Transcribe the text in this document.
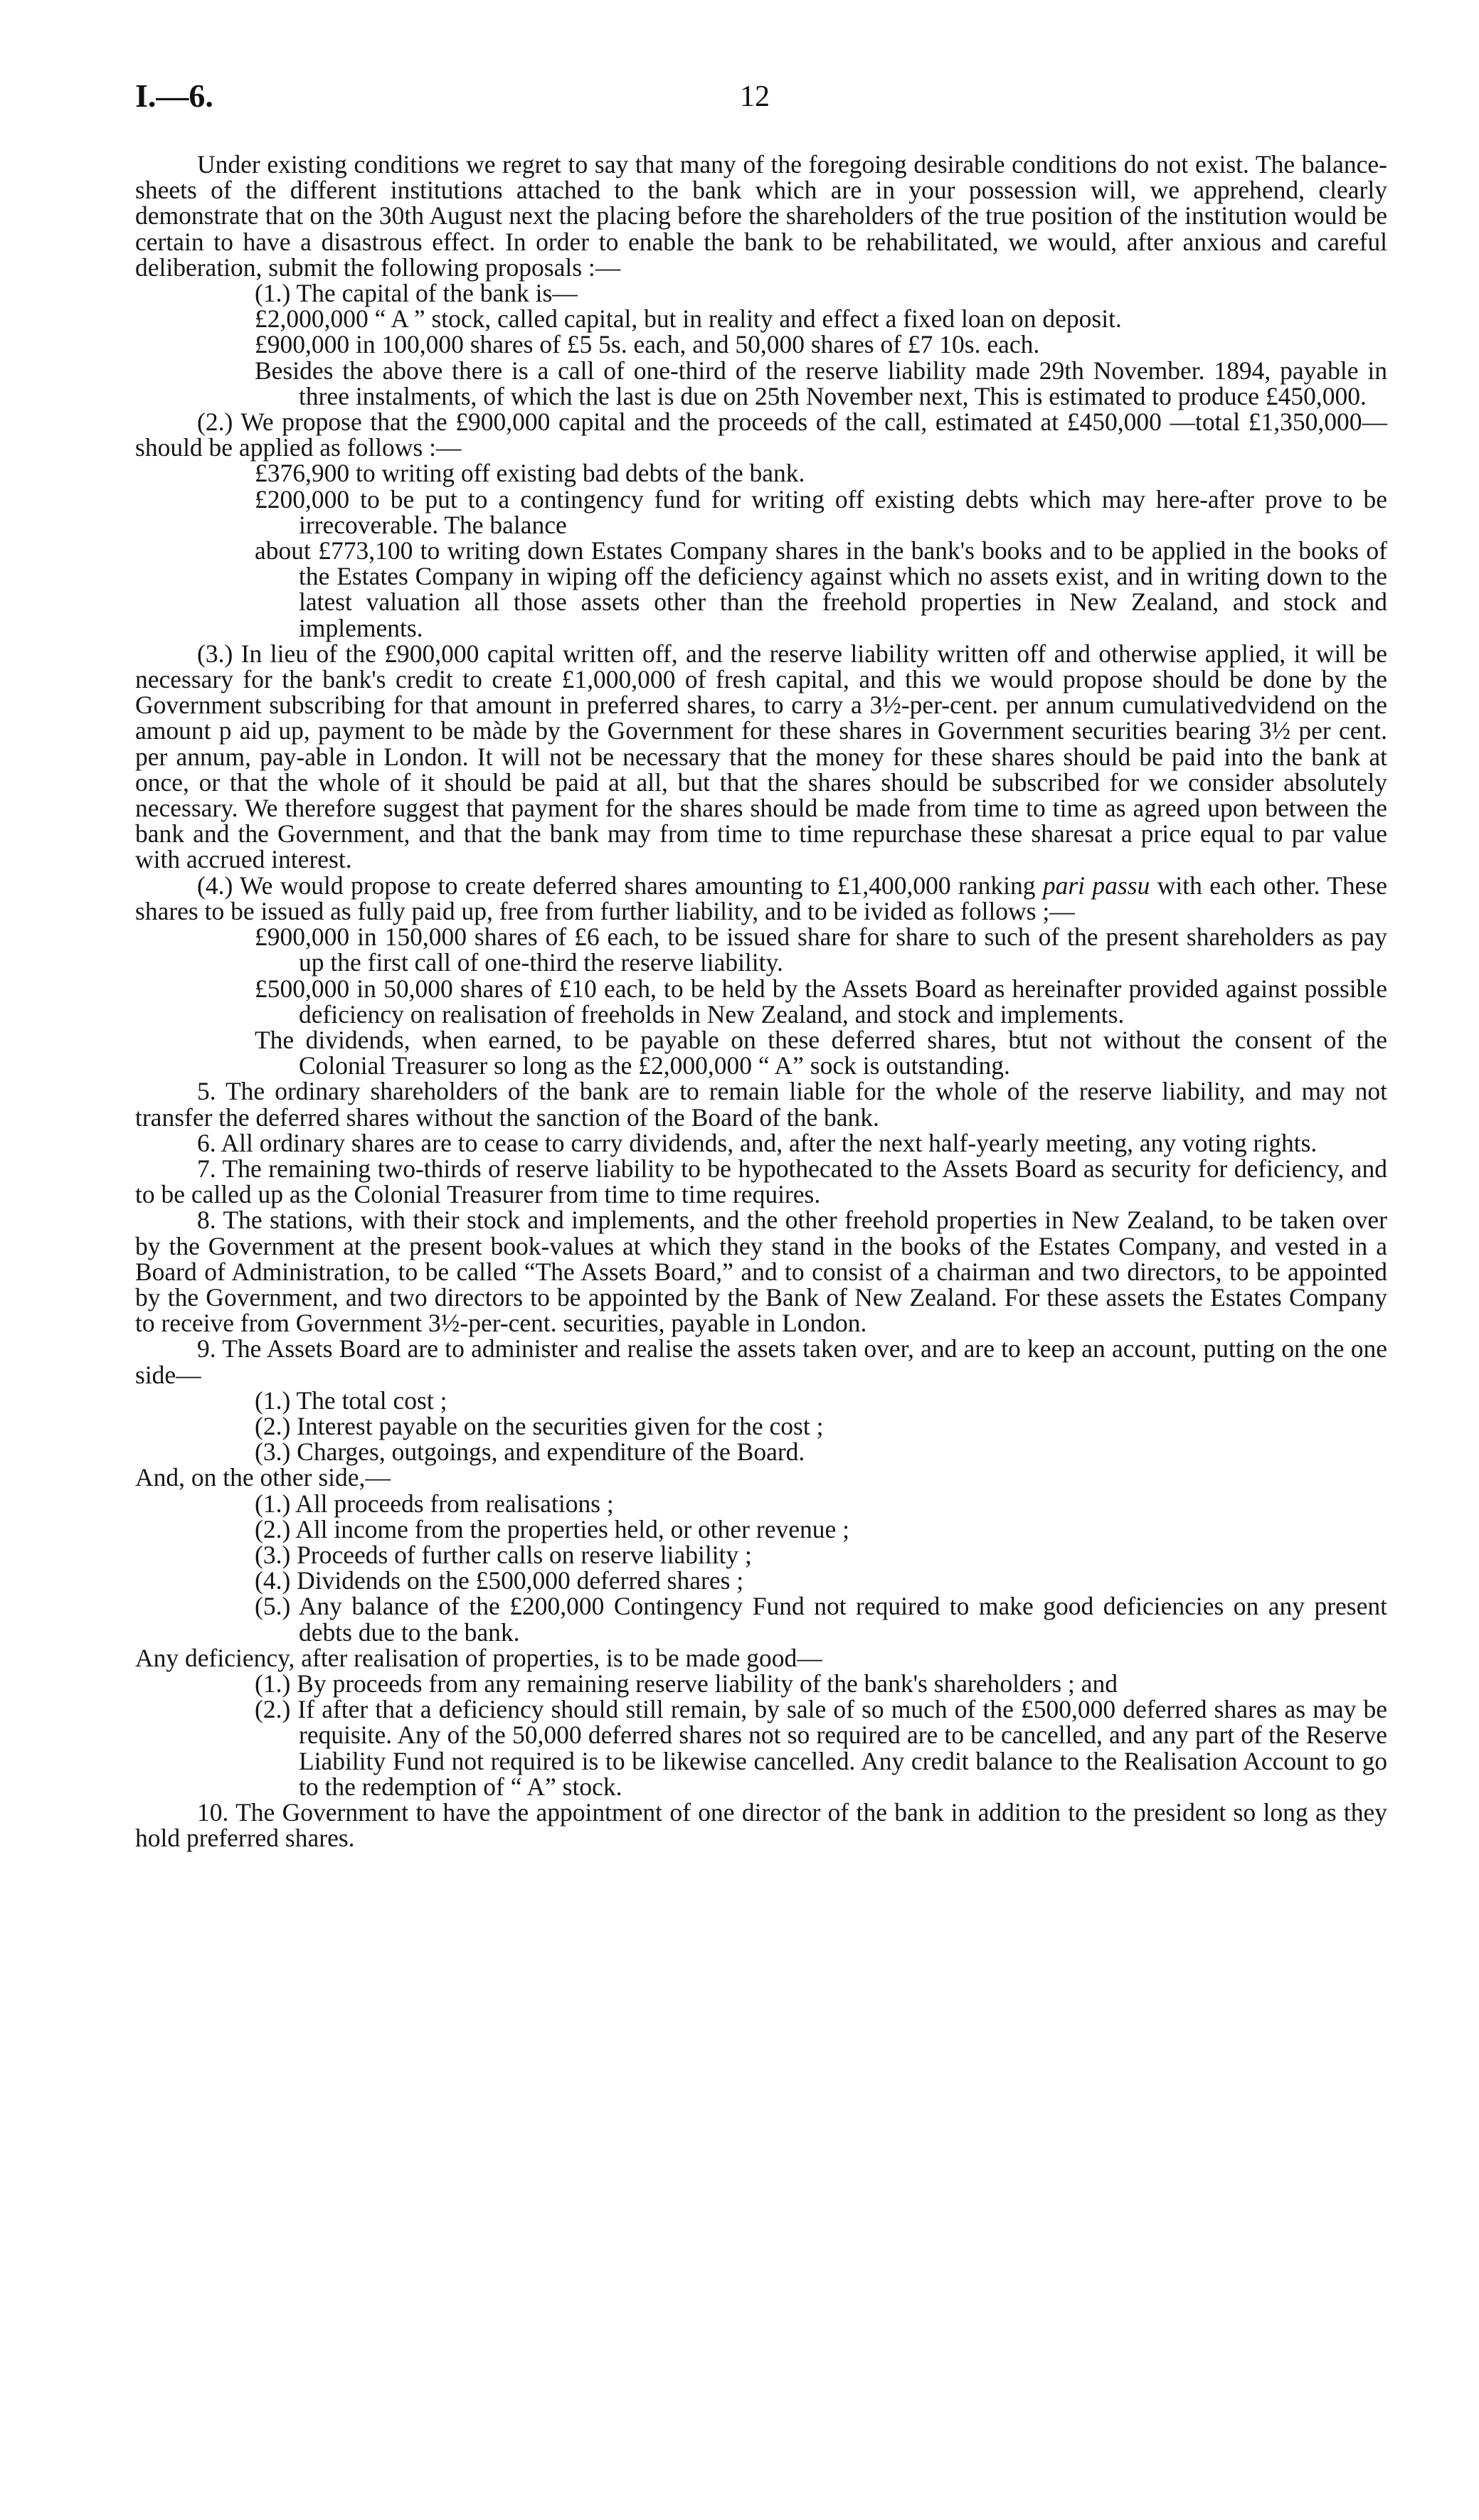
I.—6.	12

Under existing conditions we regret to say that many of the foregoing desirable conditions do not exist. The balance-sheets of the different institutions attached to the bank which are in your possession will, we apprehend, clearly demonstrate that on the 30th August next the placing before the shareholders of the true position of the institution would be certain to have a disastrous effect. In order to enable the bank to be rehabilitated, we would, after anxious and careful deliberation, submit the following proposals :—

(1.) The capital of the bank is—

£2,000,000 “ A ” stock, called capital, but in reality and effect a fixed loan on deposit.

£900,000 in 100,000 shares of £5 5s. each, and 50,000 shares of £7 10s. each.

Besides the above there is a call of one-third of the reserve liability made 29th November. 1894, payable in three instalments, of which the last is due on 25th November next, This is estimated to produce £450,000.

(2.) We propose that the £900,000 capital and the proceeds of the call, estimated at £450,000 —total £1,350,000—should be applied as follows :—

£376,900 to writing off existing bad debts of the bank.

£200,000 to be put to a contingency fund for writing off existing debts which may here-after prove to be irrecoverable. The balance

about £773,100 to writing down Estates Company shares in the bank's books and to be applied in the books of the Estates Company in wiping off the deficiency against which no assets exist, and in writing down to the latest valuation all those assets other than the freehold properties in New Zealand, and stock and implements.

(3.) In lieu of the £900,000 capital written off, and the reserve liability written off and otherwise applied, it will be necessary for the bank's credit to create £1,000,000 of fresh capital, and this we would propose should be done by the Government subscribing for that amount in preferred shares, to carry a 3½-per-cent. per annum cumulativedvidend on the amount p aid up, payment to be màde by the Government for these shares in Government securities bearing 3½ per cent. per annum, pay-able in London. It will not be necessary that the money for these shares should be paid into the bank at once, or that the whole of it should be paid at all, but that the shares should be subscribed for we consider absolutely necessary. We therefore suggest that payment for the shares should be made from time to time as agreed upon between the bank and the Government, and that the bank may from time to time repurchase these sharesat a price equal to par value with accrued interest.

(4.) We would propose to create deferred shares amounting to £1,400,000 ranking pari passu with each other. These shares to be issued as fully paid up, free from further liability, and to be ivided as follows ;—

£900,000 in 150,000 shares of £6 each, to be issued share for share to such of the present shareholders as pay up the first call of one-third the reserve liability.

£500,000 in 50,000 shares of £10 each, to be held by the Assets Board as hereinafter provided against possible deficiency on realisation of freeholds in New Zealand, and stock and implements.

The dividends, when earned, to be payable on these deferred shares, btut not without the consent of the Colonial Treasurer so long as the £2,000,000 “ A” sock is outstanding.

5. The ordinary shareholders of the bank are to remain liable for the whole of the reserve liability, and may not transfer the deferred shares without the sanction of the Board of the bank.

6. All ordinary shares are to cease to carry dividends, and, after the next half-yearly meeting, any voting rights.

7. The remaining two-thirds of reserve liability to be hypothecated to the Assets Board as security for deficiency, and to be called up as the Colonial Treasurer from time to time requires.

8. The stations, with their stock and implements, and the other freehold properties in New Zealand, to be taken over by the Government at the present book-values at which they stand in the books of the Estates Company, and vested in a Board of Administration, to be called “The Assets Board,” and to consist of a chairman and two directors, to be appointed by the Government, and two directors to be appointed by the Bank of New Zealand. For these assets the Estates Company to receive from Government 3½-per-cent. securities, payable in London.

9. The Assets Board are to administer and realise the assets taken over, and are to keep an account, putting on the one side—

(1.) The total cost ;

(2.) Interest payable on the securities given for the cost ;

(3.) Charges, outgoings, and expenditure of the Board.

And, on the other side,—

(1.) All proceeds from realisations ;

(2.) All income from the properties held, or other revenue ;

(3.) Proceeds of further calls on reserve liability ;

(4.) Dividends on the £500,000 deferred shares ;

(5.) Any balance of the £200,000 Contingency Fund not required to make good deficiencies on any present debts due to the bank.

Any deficiency, after realisation of properties, is to be made good—

(1.) By proceeds from any remaining reserve liability of the bank's shareholders ; and

(2.) If after that a deficiency should still remain, by sale of so much of the £500,000 deferred shares as may be requisite. Any of the 50,000 deferred shares not so required are to be cancelled, and any part of the Reserve Liability Fund not required is to be likewise cancelled. Any credit balance to the Realisation Account to go to the redemption of “ A” stock.

10. The Government to have the appointment of one director of the bank in addition to the president so long as they hold preferred shares.
